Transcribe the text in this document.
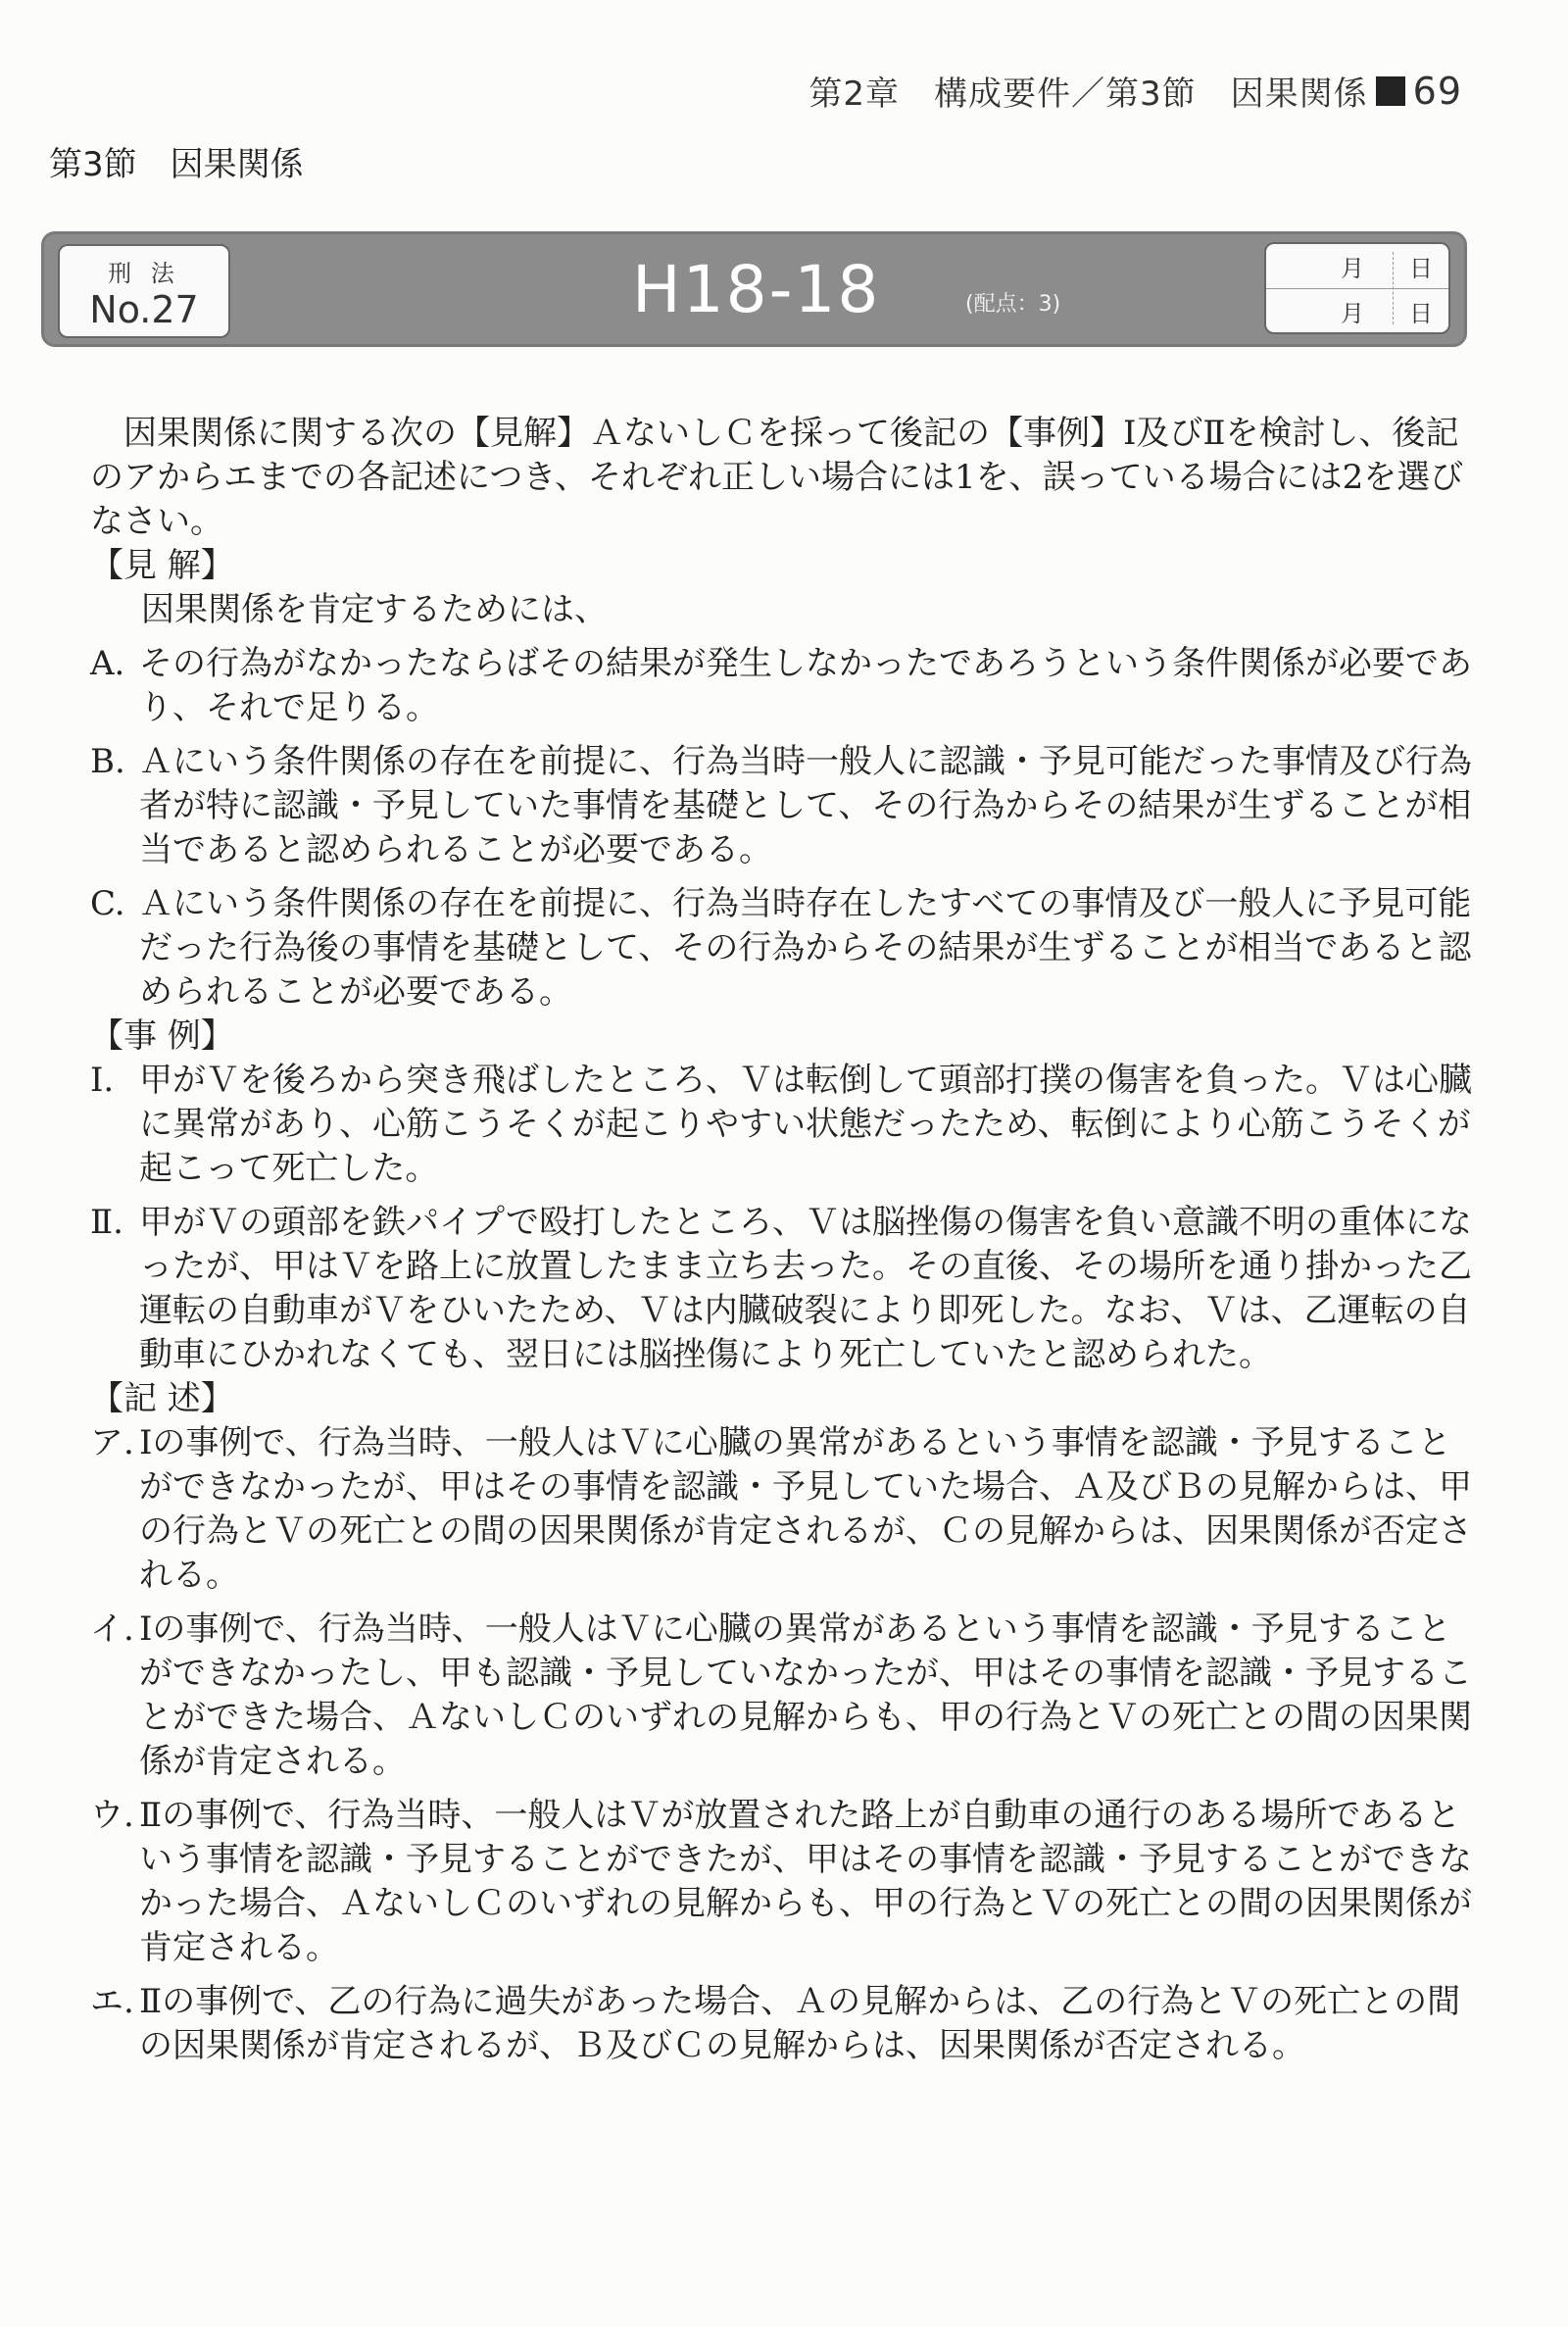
第2章　構成要件／第3節　因果関係 69
第3節　因果関係
刑 法
No.27	H18-18	(配点：3)
月 日
月 日

因果関係に関する次の【見解】ＡないしＣを採って後記の【事例】Ⅰ及びⅡを検討し、後記のアからエまでの各記述につき、それぞれ正しい場合には1を、誤っている場合には2を選びなさい。

【見 解】

因果関係を肯定するためには、

A. その行為がなかったならばその結果が発生しなかったであろうという条件関係が必要であり、それで足りる。
B. Ａにいう条件関係の存在を前提に、行為当時一般人に認識・予見可能だった事情及び行為者が特に認識・予見していた事情を基礎として、その行為からその結果が生ずることが相当であると認められることが必要である。
C. Ａにいう条件関係の存在を前提に、行為当時存在したすべての事情及び一般人に予見可能だった行為後の事情を基礎として、その行為からその結果が生ずることが相当であると認められることが必要である。

【事 例】

Ⅰ. 甲がＶを後ろから突き飛ばしたところ、Ｖは転倒して頭部打撲の傷害を負った。Ｖは心臓に異常があり、心筋こうそくが起こりやすい状態だったため、転倒により心筋こうそくが起こって死亡した。
Ⅱ. 甲がＶの頭部を鉄パイプで殴打したところ、Ｖは脳挫傷の傷害を負い意識不明の重体になったが、甲はＶを路上に放置したまま立ち去った。その直後、その場所を通り掛かった乙運転の自動車がＶをひいたため、Ｖは内臓破裂により即死した。なお、Ｖは、乙運転の自動車にひかれなくても、翌日には脳挫傷により死亡していたと認められた。

【記 述】

ア. Ⅰの事例で、行為当時、一般人はＶに心臓の異常があるという事情を認識・予見することができなかったが、甲はその事情を認識・予見していた場合、Ａ及びＢの見解からは、甲の行為とＶの死亡との間の因果関係が肯定されるが、Ｃの見解からは、因果関係が否定される。
イ. Ⅰの事例で、行為当時、一般人はＶに心臓の異常があるという事情を認識・予見することができなかったし、甲も認識・予見していなかったが、甲はその事情を認識・予見することができた場合、ＡないしＣのいずれの見解からも、甲の行為とＶの死亡との間の因果関係が肯定される。
ウ. Ⅱの事例で、行為当時、一般人はＶが放置された路上が自動車の通行のある場所であるという事情を認識・予見することができたが、甲はその事情を認識・予見することができなかった場合、ＡないしＣのいずれの見解からも、甲の行為とＶの死亡との間の因果関係が肯定される。
エ. Ⅱの事例で、乙の行為に過失があった場合、Ａの見解からは、乙の行為とＶの死亡との間の因果関係が肯定されるが、Ｂ及びＣの見解からは、因果関係が否定される。
